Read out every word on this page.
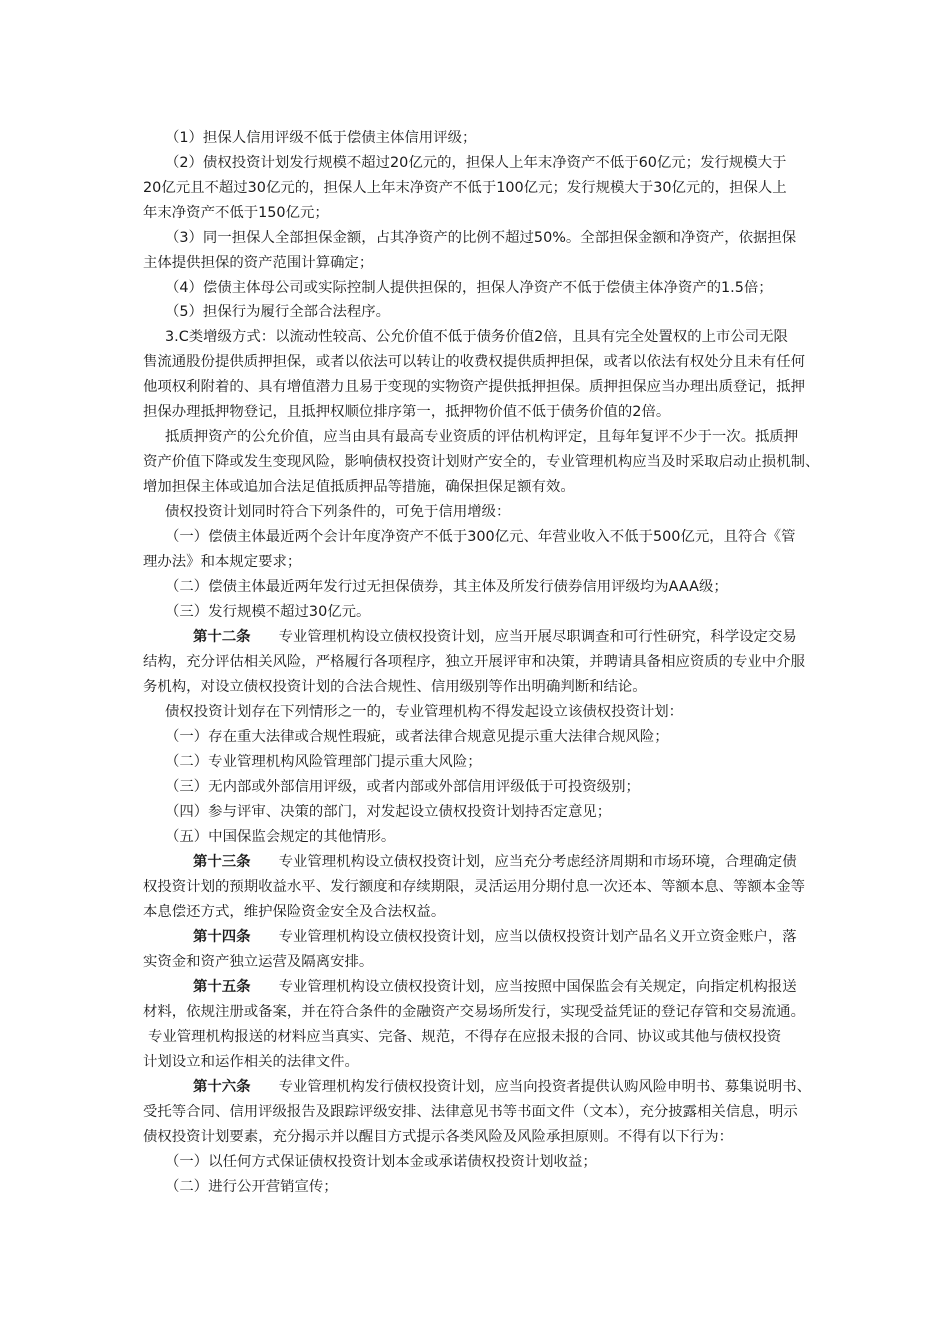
（1）担保人信用评级不低于偿债主体信用评级；
（2）债权投资计划发行规模不超过20亿元的，担保人上年末净资产不低于60亿元；发行规模大于
20亿元且不超过30亿元的，担保人上年末净资产不低于100亿元；发行规模大于30亿元的，担保人上
年末净资产不低于150亿元；
（3）同一担保人全部担保金额，占其净资产的比例不超过50%。全部担保金额和净资产，依据担保
主体提供担保的资产范围计算确定；
（4）偿债主体母公司或实际控制人提供担保的，担保人净资产不低于偿债主体净资产的1.5倍；
（5）担保行为履行全部合法程序。
3.C类增级方式：以流动性较高、公允价值不低于债务价值2倍，且具有完全处置权的上市公司无限
售流通股份提供质押担保，或者以依法可以转让的收费权提供质押担保，或者以依法有权处分且未有任何
他项权利附着的、具有增值潜力且易于变现的实物资产提供抵押担保。质押担保应当办理出质登记，抵押
担保办理抵押物登记，且抵押权顺位排序第一，抵押物价值不低于债务价值的2倍。
抵质押资产的公允价值，应当由具有最高专业资质的评估机构评定，且每年复评不少于一次。抵质押
资产价值下降或发生变现风险，影响债权投资计划财产安全的，专业管理机构应当及时采取启动止损机制、
增加担保主体或追加合法足值抵质押品等措施，确保担保足额有效。
债权投资计划同时符合下列条件的，可免于信用增级：
（一）偿债主体最近两个会计年度净资产不低于300亿元、年营业收入不低于500亿元，且符合《管
理办法》和本规定要求；
（二）偿债主体最近两年发行过无担保债券，其主体及所发行债券信用评级均为AAA级；
（三）发行规模不超过30亿元。
第十二条 专业管理机构设立债权投资计划，应当开展尽职调查和可行性研究，科学设定交易
结构，充分评估相关风险，严格履行各项程序，独立开展评审和决策，并聘请具备相应资质的专业中介服
务机构，对设立债权投资计划的合法合规性、信用级别等作出明确判断和结论。
债权投资计划存在下列情形之一的，专业管理机构不得发起设立该债权投资计划：
（一）存在重大法律或合规性瑕疵，或者法律合规意见提示重大法律合规风险；
（二）专业管理机构风险管理部门提示重大风险；
（三）无内部或外部信用评级，或者内部或外部信用评级低于可投资级别；
（四）参与评审、决策的部门，对发起设立债权投资计划持否定意见；
（五）中国保监会规定的其他情形。
第十三条 专业管理机构设立债权投资计划，应当充分考虑经济周期和市场环境，合理确定债
权投资计划的预期收益水平、发行额度和存续期限，灵活运用分期付息一次还本、等额本息、等额本金等
本息偿还方式，维护保险资金安全及合法权益。
第十四条 专业管理机构设立债权投资计划，应当以债权投资计划产品名义开立资金账户，落
实资金和资产独立运营及隔离安排。
第十五条 专业管理机构设立债权投资计划，应当按照中国保监会有关规定，向指定机构报送
材料，依规注册或备案，并在符合条件的金融资产交易场所发行，实现受益凭证的登记存管和交易流通。
专业管理机构报送的材料应当真实、完备、规范，不得存在应报未报的合同、协议或其他与债权投资
计划设立和运作相关的法律文件。
第十六条 专业管理机构发行债权投资计划，应当向投资者提供认购风险申明书、募集说明书、
受托等合同、信用评级报告及跟踪评级安排、法律意见书等书面文件（文本），充分披露相关信息，明示
债权投资计划要素，充分揭示并以醒目方式提示各类风险及风险承担原则。不得有以下行为：
（一）以任何方式保证债权投资计划本金或承诺债权投资计划收益；
（二）进行公开营销宣传；
